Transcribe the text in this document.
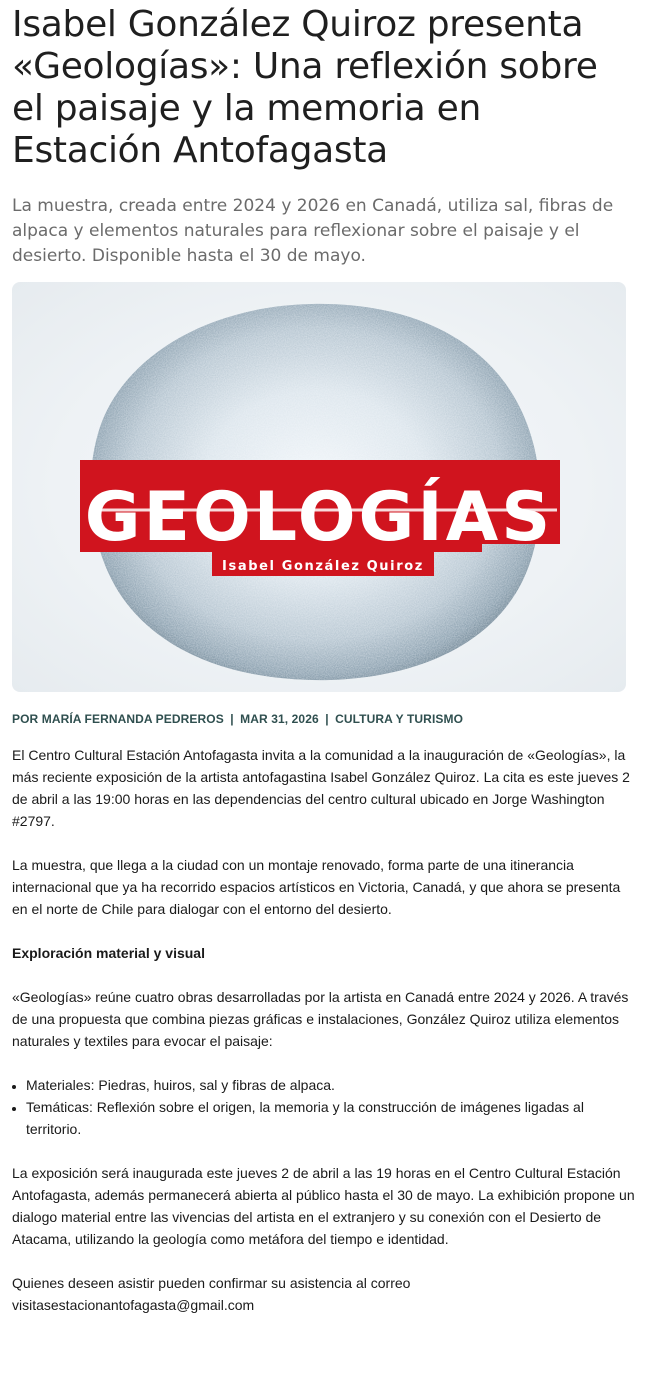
Isabel González Quiroz presenta «Geologías»: Una reflexión sobre el paisaje y la memoria en Estación Antofagasta

La muestra, creada entre 2024 y 2026 en Canadá, utiliza sal, fibras de alpaca y elementos naturales para reflexionar sobre el paisaje y el desierto. Disponible hasta el 30 de mayo.

GEOLOGÍAS
Isabel González Quiroz
POR MARÍA FERNANDA PEDREROS | MAR 31, 2026 | CULTURA Y TURISMO

El Centro Cultural Estación Antofagasta invita a la comunidad a la inauguración de «Geologías», la más reciente exposición de la artista antofagastina Isabel González Quiroz. La cita es este jueves 2 de abril a las 19:00 horas en las dependencias del centro cultural ubicado en Jorge Washington #2797.

La muestra, que llega a la ciudad con un montaje renovado, forma parte de una itinerancia internacional que ya ha recorrido espacios artísticos en Victoria, Canadá, y que ahora se presenta en el norte de Chile para dialogar con el entorno del desierto.

Exploración material y visual

«Geologías» reúne cuatro obras desarrolladas por la artista en Canadá entre 2024 y 2026. A través de una propuesta que combina piezas gráficas e instalaciones, González Quiroz utiliza elementos naturales y textiles para evocar el paisaje:

• Materiales: Piedras, huiros, sal y fibras de alpaca.
• Temáticas: Reflexión sobre el origen, la memoria y la construcción de imágenes ligadas al territorio.

La exposición será inaugurada este jueves 2 de abril a las 19 horas en el Centro Cultural Estación Antofagasta, además permanecerá abierta al público hasta el 30 de mayo. La exhibición propone un dialogo material entre las vivencias del artista en el extranjero y su conexión con el Desierto de Atacama, utilizando la geología como metáfora del tiempo e identidad.

Quienes deseen asistir pueden confirmar su asistencia al correo
visitasestacionantofagasta@gmail.com
